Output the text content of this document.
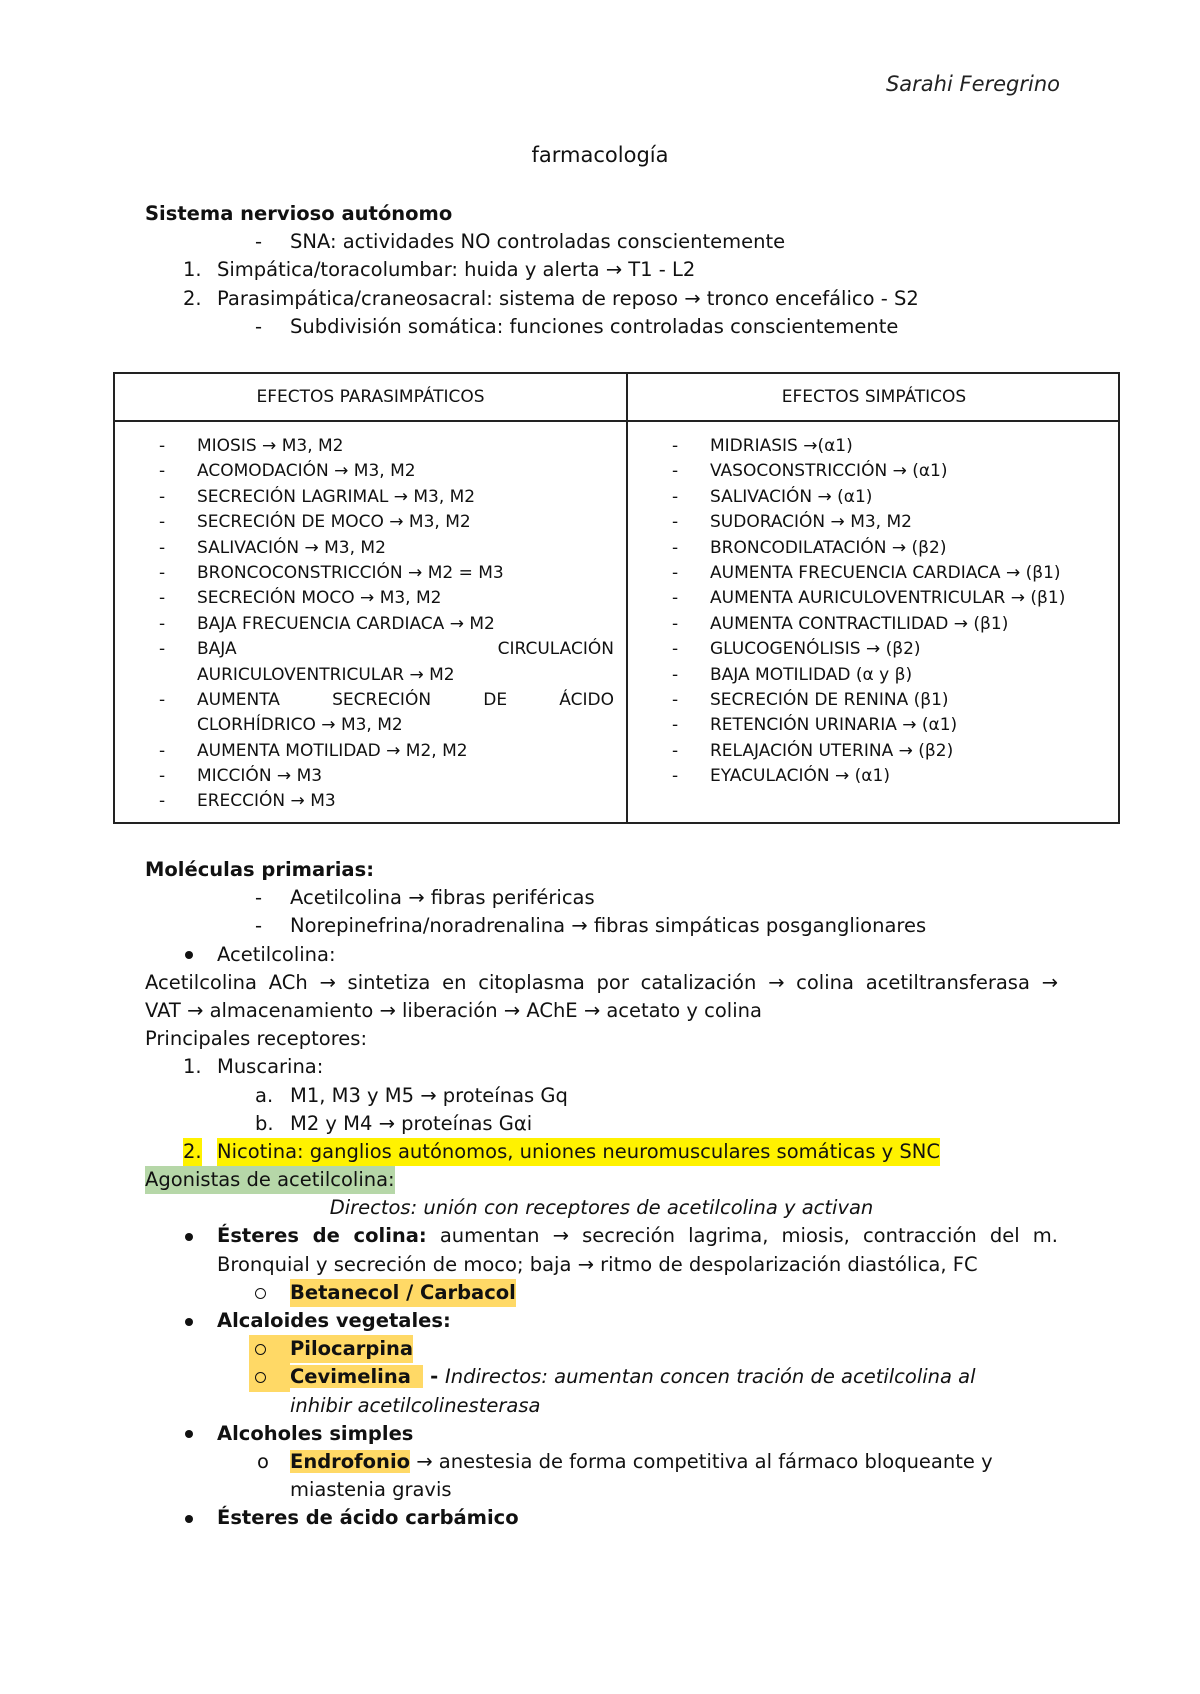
Sarahi Feregrino
farmacología
Sistema nervioso autónomo
- SNA: actividades NO controladas conscientemente
1. Simpática/toracolumbar: huida y alerta → T1 - L2
2. Parasimpática/craneosacral: sistema de reposo → tronco encefálico - S2
- Subdivisión somática: funciones controladas conscientemente
EFECTOS PARASIMPÁTICOS	EFECTOS SIMPÁTICOS
- MIOSIS → M3, M2
- ACOMODACIÓN → M3, M2
- SECRECIÓN LAGRIMAL → M3, M2
- SECRECIÓN DE MOCO → M3, M2
- SALIVACIÓN → M3, M2
- BRONCOCONSTRICCIÓN → M2 = M3
- SECRECIÓN MOCO → M3, M2
- BAJA FRECUENCIA CARDIACA → M2
- BAJA CIRCULACIÓN
AURICULOVENTRICULAR → M2
- AUMENTA SECRECIÓN DE ÁCIDO
CLORHÍDRICO → M3, M2
- AUMENTA MOTILIDAD → M2, M2
- MICCIÓN → M3
- ERECCIÓN → M3
- MIDRIASIS →(α1)
- VASOCONSTRICCIÓN → (α1)
- SALIVACIÓN → (α1)
- SUDORACIÓN → M3, M2
- BRONCODILATACIÓN → (β2)
- AUMENTA FRECUENCIA CARDIACA → (β1)
- AUMENTA AURICULOVENTRICULAR → (β1)
- AUMENTA CONTRACTILIDAD → (β1)
- GLUCOGENÓLISIS → (β2)
- BAJA MOTILIDAD (α y β)
- SECRECIÓN DE RENINA (β1)
- RETENCIÓN URINARIA → (α1)
- RELAJACIÓN UTERINA → (β2)
- EYACULACIÓN → (α1)
Moléculas primarias:
- Acetilcolina → fibras periféricas
- Norepinefrina/noradrenalina → fibras simpáticas posganglionares
Acetilcolina:
Acetilcolina ACh → sintetiza en citoplasma por catalización → colina acetiltransferasa →
VAT → almacenamiento → liberación → AChE → acetato y colina
Principales receptores:
1. Muscarina:
a. M1, M3 y M5 → proteínas Gq
b. M2 y M4 → proteínas Gαi
2. Nicotina: ganglios autónomos, uniones neuromusculares somáticas y SNC
Agonistas de acetilcolina:
Directos: unión con receptores de acetilcolina y activan
Ésteres de colina: aumentan → secreción lagrima, miosis, contracción del m.
Bronquial y secreción de moco; baja → ritmo de despolarización diastólica, FC
Betanecol / Carbacol
Alcaloides vegetales:
Pilocarpina
Cevimelina   - Indirectos: aumentan concen tración de acetilcolina al
inhibir acetilcolinesterasa
Alcoholes simples
o Endrofonio → anestesia de forma competitiva al fármaco bloqueante y
miastenia gravis
Ésteres de ácido carbámico
